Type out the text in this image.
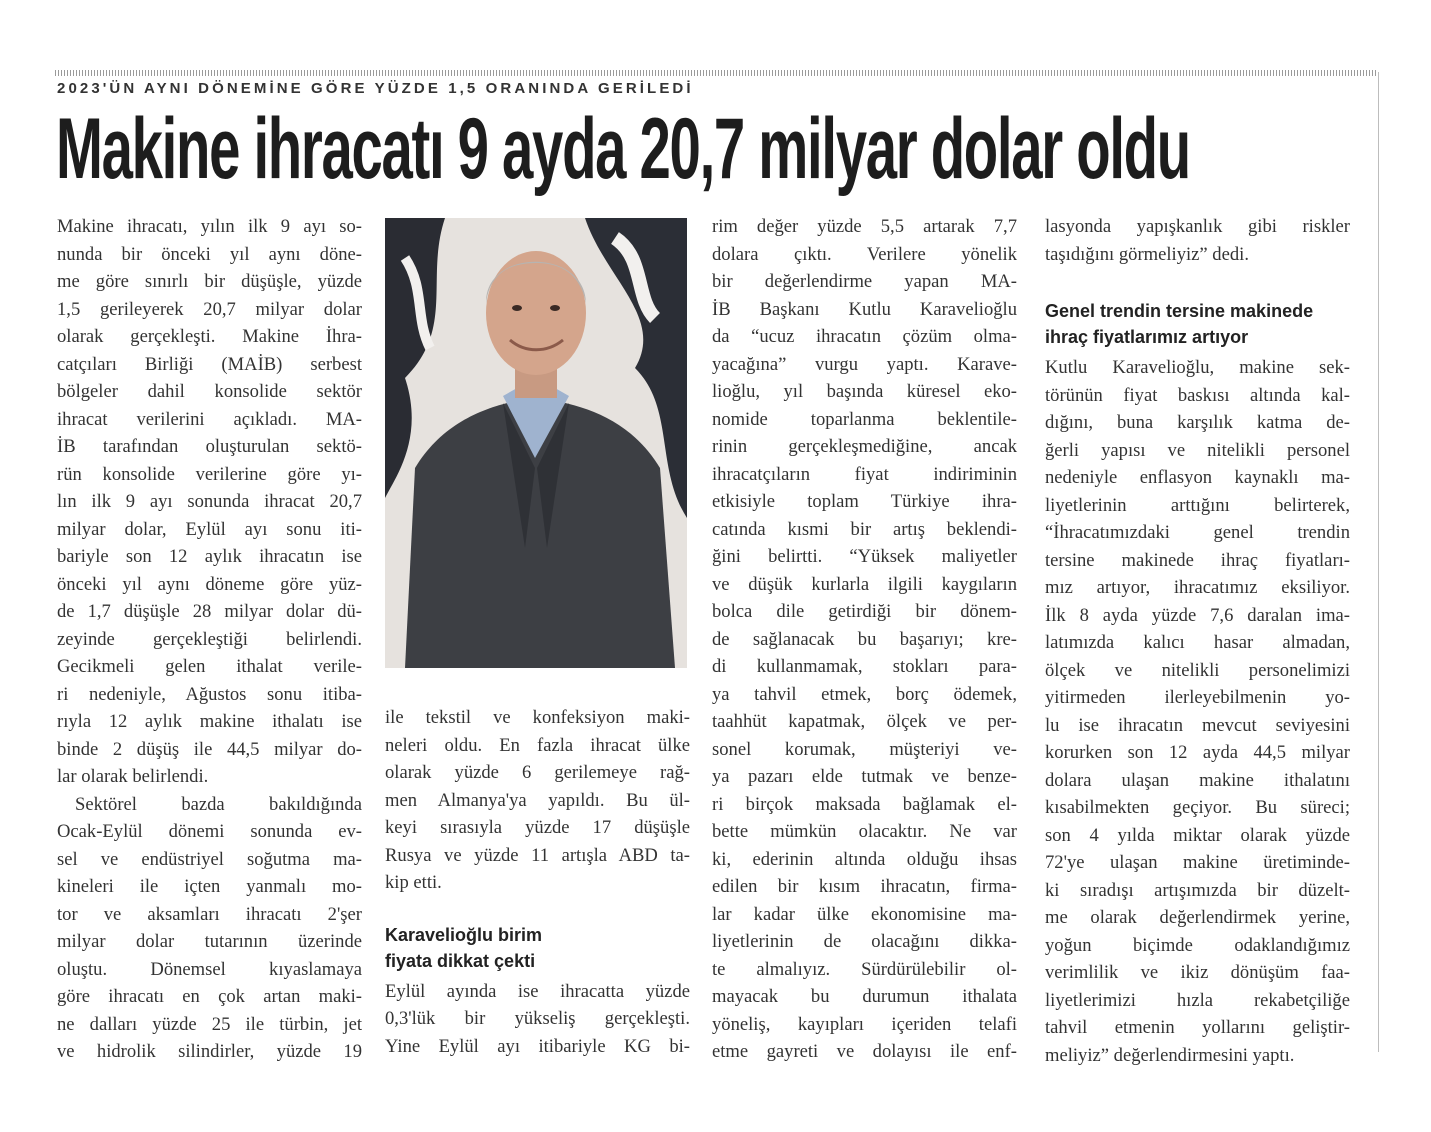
2023'ÜN AYNI DÖNEMİNE GÖRE YÜZDE 1,5 ORANINDA GERİLEDİ
Makine ihracatı 9 ayda 20,7 milyar dolar oldu
Makine ihracatı, yılın ilk 9 ayı so-
nunda bir önceki yıl aynı döne-
me göre sınırlı bir düşüşle, yüzde
1,5 gerileyerek 20,7 milyar dolar
olarak gerçekleşti. Makine İhra-
catçıları Birliği (MAİB) serbest
bölgeler dahil konsolide sektör
ihracat verilerini açıkladı. MA-
İB tarafından oluşturulan sektö-
rün konsolide verilerine göre yı-
lın ilk 9 ayı sonunda ihracat 20,7
milyar dolar, Eylül ayı sonu iti-
bariyle son 12 aylık ihracatın ise
önceki yıl aynı döneme göre yüz-
de 1,7 düşüşle 28 milyar dolar dü-
zeyinde gerçekleştiği belirlendi.
Gecikmeli gelen ithalat verile-
ri nedeniyle, Ağustos sonu itiba-
rıyla 12 aylık makine ithalatı ise
binde 2 düşüş ile 44,5 milyar do-
lar olarak belirlendi.
Sektörel bazda bakıldığında
Ocak-Eylül dönemi sonunda ev-
sel ve endüstriyel soğutma ma-
kineleri ile içten yanmalı mo-
tor ve aksamları ihracatı 2'şer
milyar dolar tutarının üzerinde
oluştu. Dönemsel kıyaslamaya
göre ihracatı en çok artan maki-
ne dalları yüzde 25 ile türbin, jet
ve hidrolik silindirler, yüzde 19
ile tekstil ve konfeksiyon maki-
neleri oldu. En fazla ihracat ülke
olarak yüzde 6 gerilemeye rağ-
men Almanya'ya yapıldı. Bu ül-
keyi sırasıyla yüzde 17 düşüşle
Rusya ve yüzde 11 artışla ABD ta-
kip etti.
Karavelioğlu birim
fiyata dikkat çekti
Eylül ayında ise ihracatta yüzde
0,3'lük bir yükseliş gerçekleşti.
Yine Eylül ayı itibariyle KG bi-
rim değer yüzde 5,5 artarak 7,7
dolara çıktı. Verilere yönelik
bir değerlendirme yapan MA-
İB Başkanı Kutlu Karavelioğlu
da “ucuz ihracatın çözüm olma-
yacağına” vurgu yaptı. Karave-
lioğlu, yıl başında küresel eko-
nomide toparlanma beklentile-
rinin gerçekleşmediğine, ancak
ihracatçıların fiyat indiriminin
etkisiyle toplam Türkiye ihra-
catında kısmi bir artış beklendi-
ğini belirtti. “Yüksek maliyetler
ve düşük kurlarla ilgili kaygıların
bolca dile getirdiği bir dönem-
de sağlanacak bu başarıyı; kre-
di kullanmamak, stokları para-
ya tahvil etmek, borç ödemek,
taahhüt kapatmak, ölçek ve per-
sonel korumak, müşteriyi ve-
ya pazarı elde tutmak ve benze-
ri birçok maksada bağlamak el-
bette mümkün olacaktır. Ne var
ki, ederinin altında olduğu ihsas
edilen bir kısım ihracatın, firma-
lar kadar ülke ekonomisine ma-
liyetlerinin de olacağını dikka-
te almalıyız. Sürdürülebilir ol-
mayacak bu durumun ithalata
yöneliş, kayıpları içeriden telafi
etme gayreti ve dolayısı ile enf-
lasyonda yapışkanlık gibi riskler
taşıdığını görmeliyiz” dedi.
Genel trendin tersine makinede
ihraç fiyatlarımız artıyor
Kutlu Karavelioğlu, makine sek-
törünün fiyat baskısı altında kal-
dığını, buna karşılık katma de-
ğerli yapısı ve nitelikli personel
nedeniyle enflasyon kaynaklı ma-
liyetlerinin arttığını belirterek,
“İhracatımızdaki genel trendin
tersine makinede ihraç fiyatları-
mız artıyor, ihracatımız eksiliyor.
İlk 8 ayda yüzde 7,6 daralan ima-
latımızda kalıcı hasar almadan,
ölçek ve nitelikli personelimizi
yitirmeden ilerleyebilmenin yo-
lu ise ihracatın mevcut seviyesini
korurken son 12 ayda 44,5 milyar
dolara ulaşan makine ithalatını
kısabilmekten geçiyor. Bu süreci;
son 4 yılda miktar olarak yüzde
72'ye ulaşan makine üretiminde-
ki sıradışı artışımızda bir düzelt-
me olarak değerlendirmek yerine,
yoğun biçimde odaklandığımız
verimlilik ve ikiz dönüşüm faa-
liyetlerimizi hızla rekabetçiliğe
tahvil etmenin yollarını geliştir-
meliyiz” değerlendirmesini yaptı.
